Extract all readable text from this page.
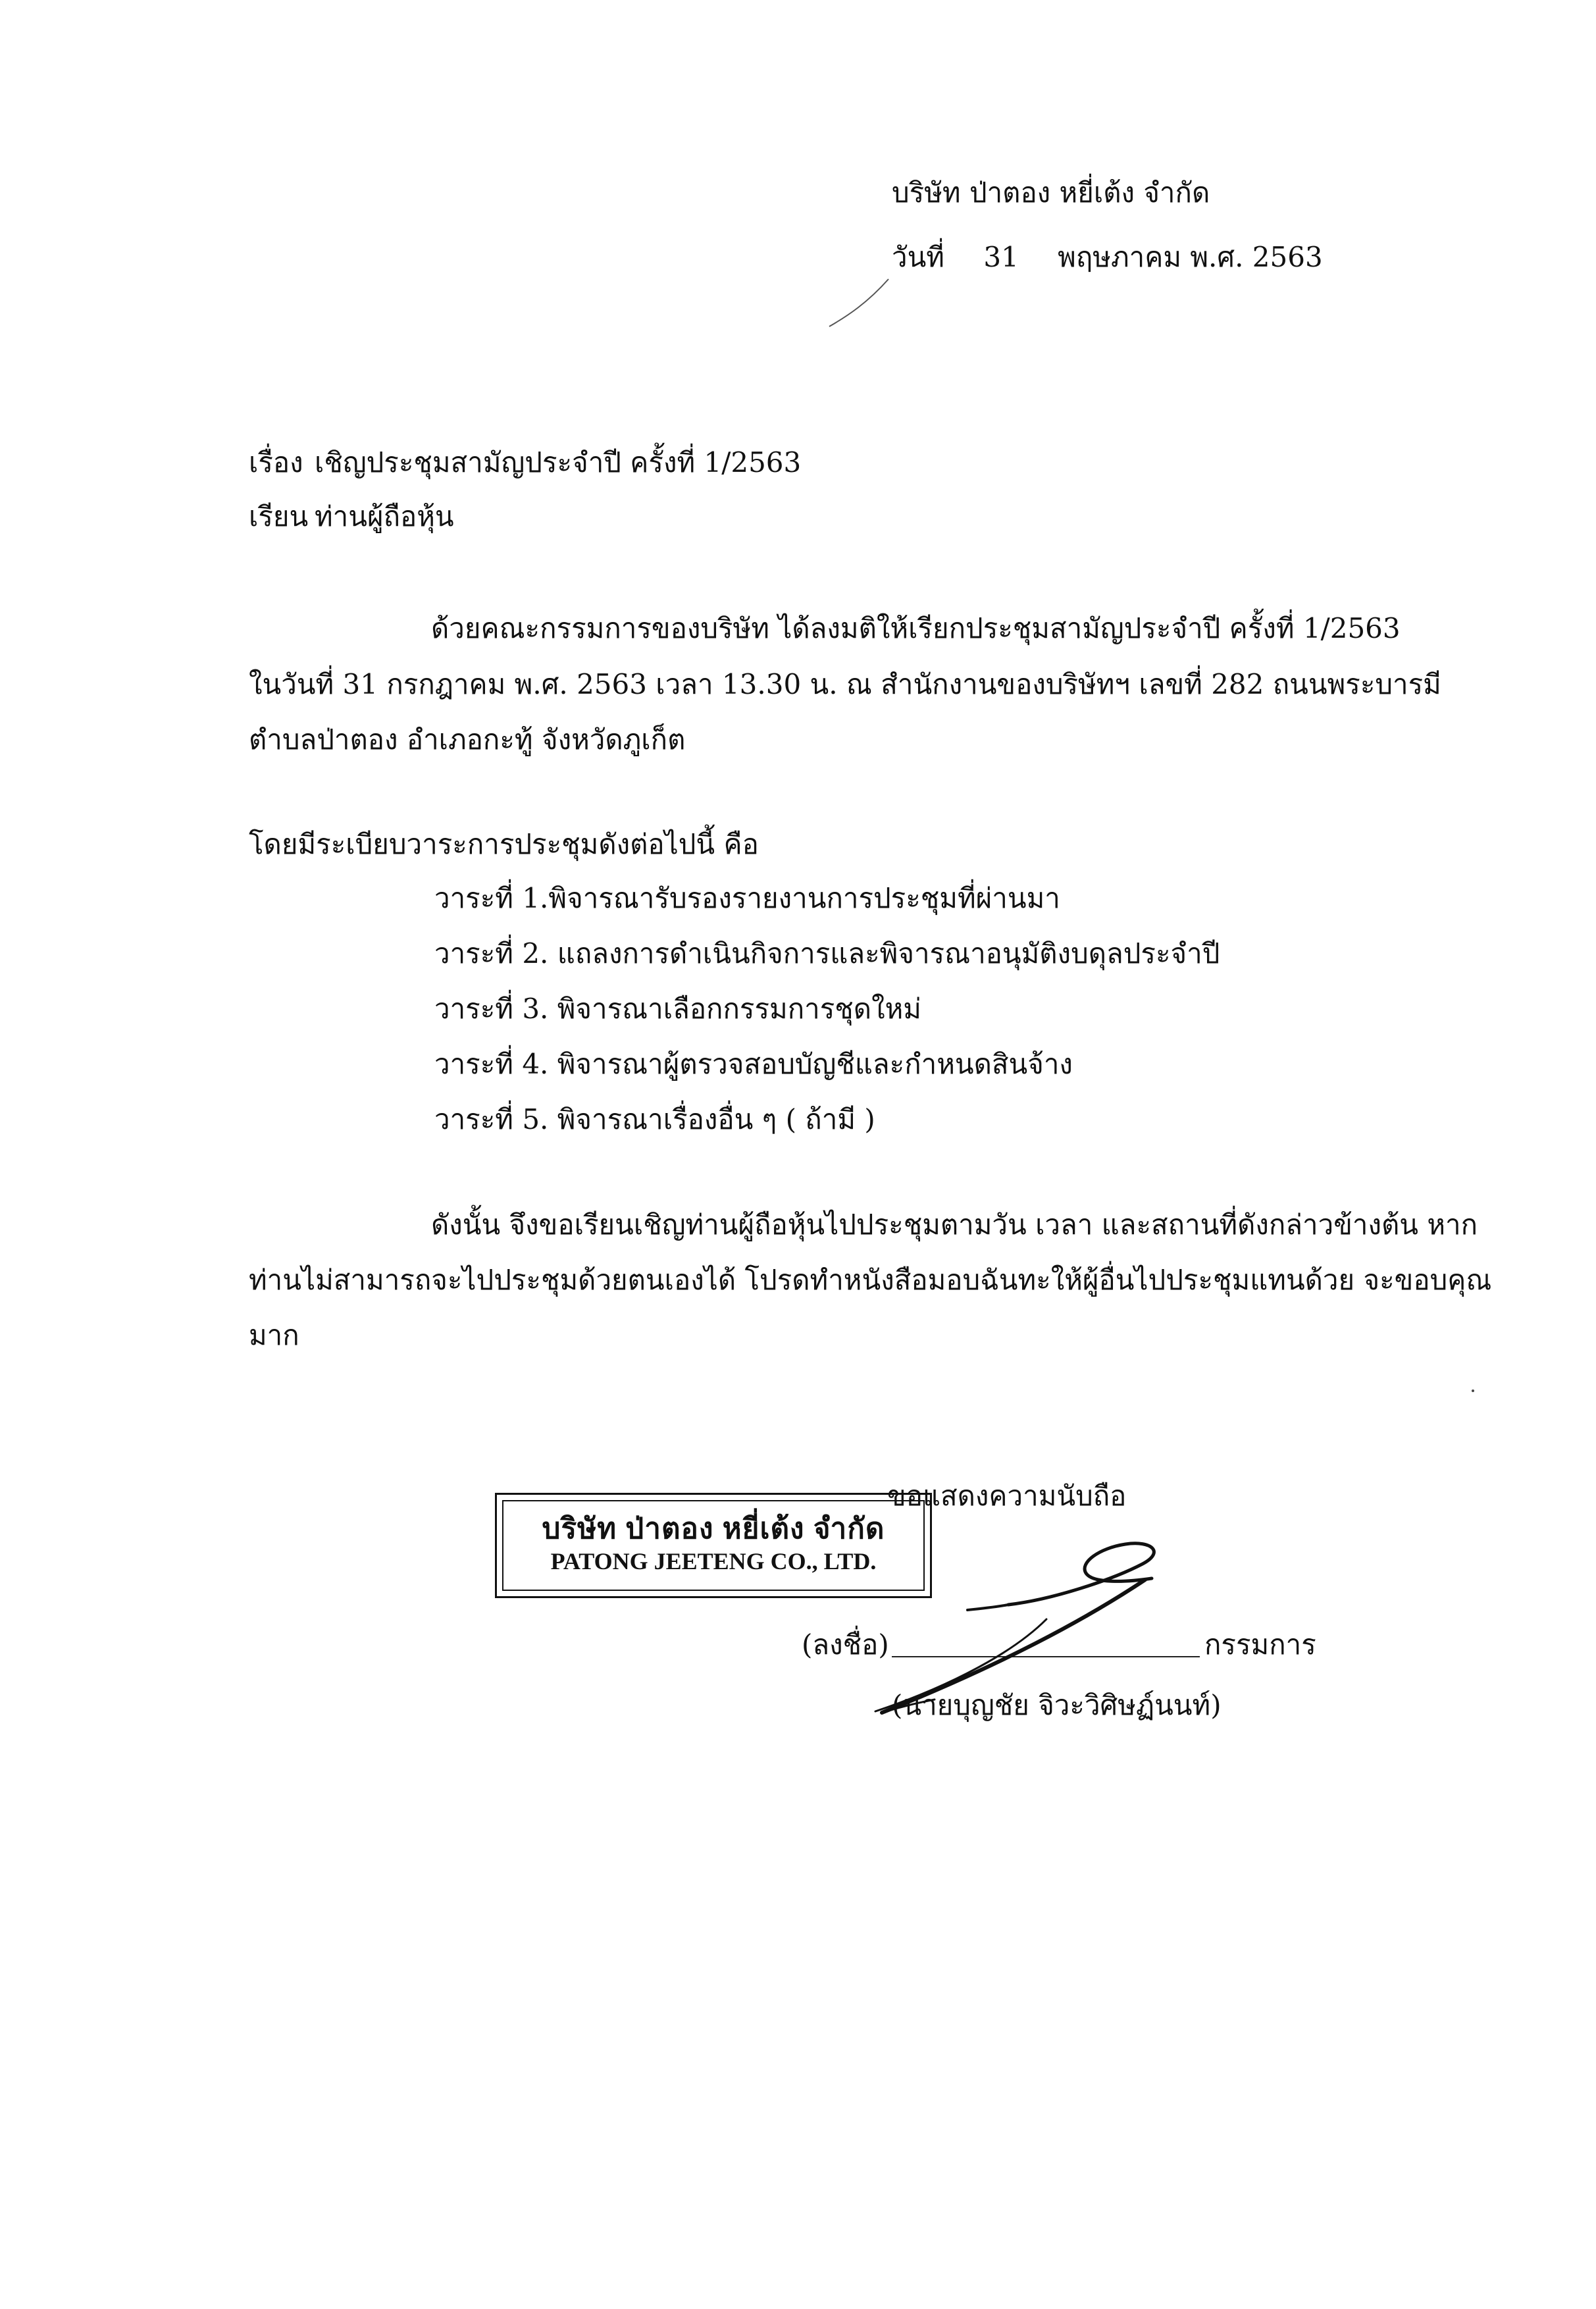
บริษัท ป่าตอง หยี่เต้ง จำกัด
วันที่ 31 พฤษภาคม พ.ศ. 2563
เรื่อง เชิญประชุมสามัญประจำปี ครั้งที่ 1/2563
เรียน ท่านผู้ถือหุ้น
ด้วยคณะกรรมการของบริษัท ได้ลงมติให้เรียกประชุมสามัญประจำปี ครั้งที่ 1/2563
ในวันที่ 31 กรกฎาคม พ.ศ. 2563 เวลา 13.30 น. ณ สำนักงานของบริษัทฯ เลขที่ 282 ถนนพระบารมี
ตำบลป่าตอง อำเภอกะทู้ จังหวัดภูเก็ต
โดยมีระเบียบวาระการประชุมดังต่อไปนี้ คือ
วาระที่ 1.พิจารณารับรองรายงานการประชุมที่ผ่านมา
วาระที่ 2. แถลงการดำเนินกิจการและพิจารณาอนุมัติงบดุลประจำปี
วาระที่ 3. พิจารณาเลือกกรรมการชุดใหม่
วาระที่ 4. พิจารณาผู้ตรวจสอบบัญชีและกำหนดสินจ้าง
วาระที่ 5. พิจารณาเรื่องอื่น ๆ ( ถ้ามี )
ดังนั้น จึงขอเรียนเชิญท่านผู้ถือหุ้นไปประชุมตามวัน เวลา และสถานที่ดังกล่าวข้างต้น หาก
ท่านไม่สามารถจะไปประชุมด้วยตนเองได้ โปรดทำหนังสือมอบฉันทะให้ผู้อื่นไปประชุมแทนด้วย จะขอบคุณ
มาก
ขอแสดงความนับถือ
บริษัท ป่าตอง หยี่เต้ง จำกัด
PATONG JEETENG CO., LTD.
(ลงชื่อ)	กรรมการ
(นายบุญชัย จิวะวิศิษฏ์นนท์)
